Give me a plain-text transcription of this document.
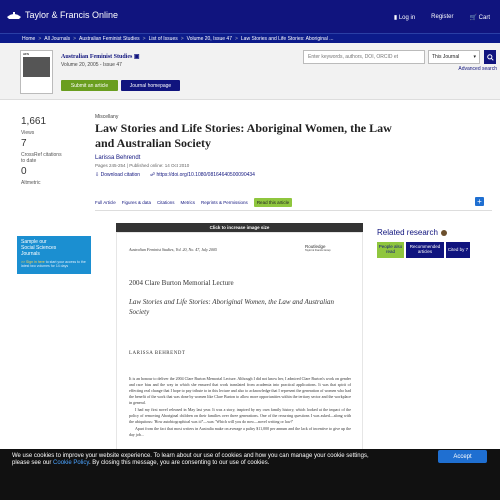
Taylor & Francis Online	▮ Log in	Register	🛒 Cart
Home > All Journals > Australian Feminist Studies > List of Issues > Volume 20, Issue 47 > Law Stories and Life Stories: Aboriginal ...
AFS	Australian Feminist Studies ▣
Volume 20, 2005 - Issue 47
Submit an article	Journal homepage
Enter keywords, authors, DOI, ORCID et
This Journal	▾
Advanced search
1,661
Views
7
CrossRef citations to date
0
Altmetric
Miscellany
Law Stories and Life Stories: Aboriginal Women, the Law and Australian Society
Larissa Behrendt
Pages 245-254 | Published online: 14 Oct 2010
⇩ Download citation ☍ https://doi.org/10.1080/08164640500090434
Full Article Figures & data Citations Metrics Reprints & Permissions	Read this article	+
Sample our
Social Sciences
Journals
>> Sign in here to start your access to the latest two volumes for 14 days
Click to increase image size
Australian Feminist Studies, Vol. 20, No. 47, July 2005
Routledge
Taylor & Francis Group
2004 Clare Burton Memorial Lecture
Law Stories and Life Stories: Aboriginal Women, the Law and Australian Society
LARISSA BEHRENDT

It is an honour to deliver the 2004 Clare Burton Memorial Lecture. Although I did not know her, I admired Clare Burton's work on gender and race bias and the way in which she ensured that work translated from academia into practical applications. It was that spirit of effecting real change that I hope to pay tribute to in this lecture and also to acknowledge that I represent the generation of women who had the benefit of the work that was done by women like Clare Burton to allow more opportunities within the tertiary sector and the workplace in general.

I had my first novel released in May last year. It was a story, inspired by my own family history, which looked at the impact of the policy of removing Aboriginal children on their families over three generations. One of the recurring questions I was asked—along with the ubiquitous: 'How autobiographical was it?'—was: 'Which will you do now—novel writing or law?'

Apart from the fact that most writers in Australia make on average a paltry $11,000 per annum and the lack of incentive to give up the day job...

Related research
People also read
Recommended articles	Cited by 7
We use cookies to improve your website experience. To learn about our use of cookies and how you can manage your cookie settings,
please see our Cookie Policy. By closing this message, you are consenting to our use of cookies.
Accept
